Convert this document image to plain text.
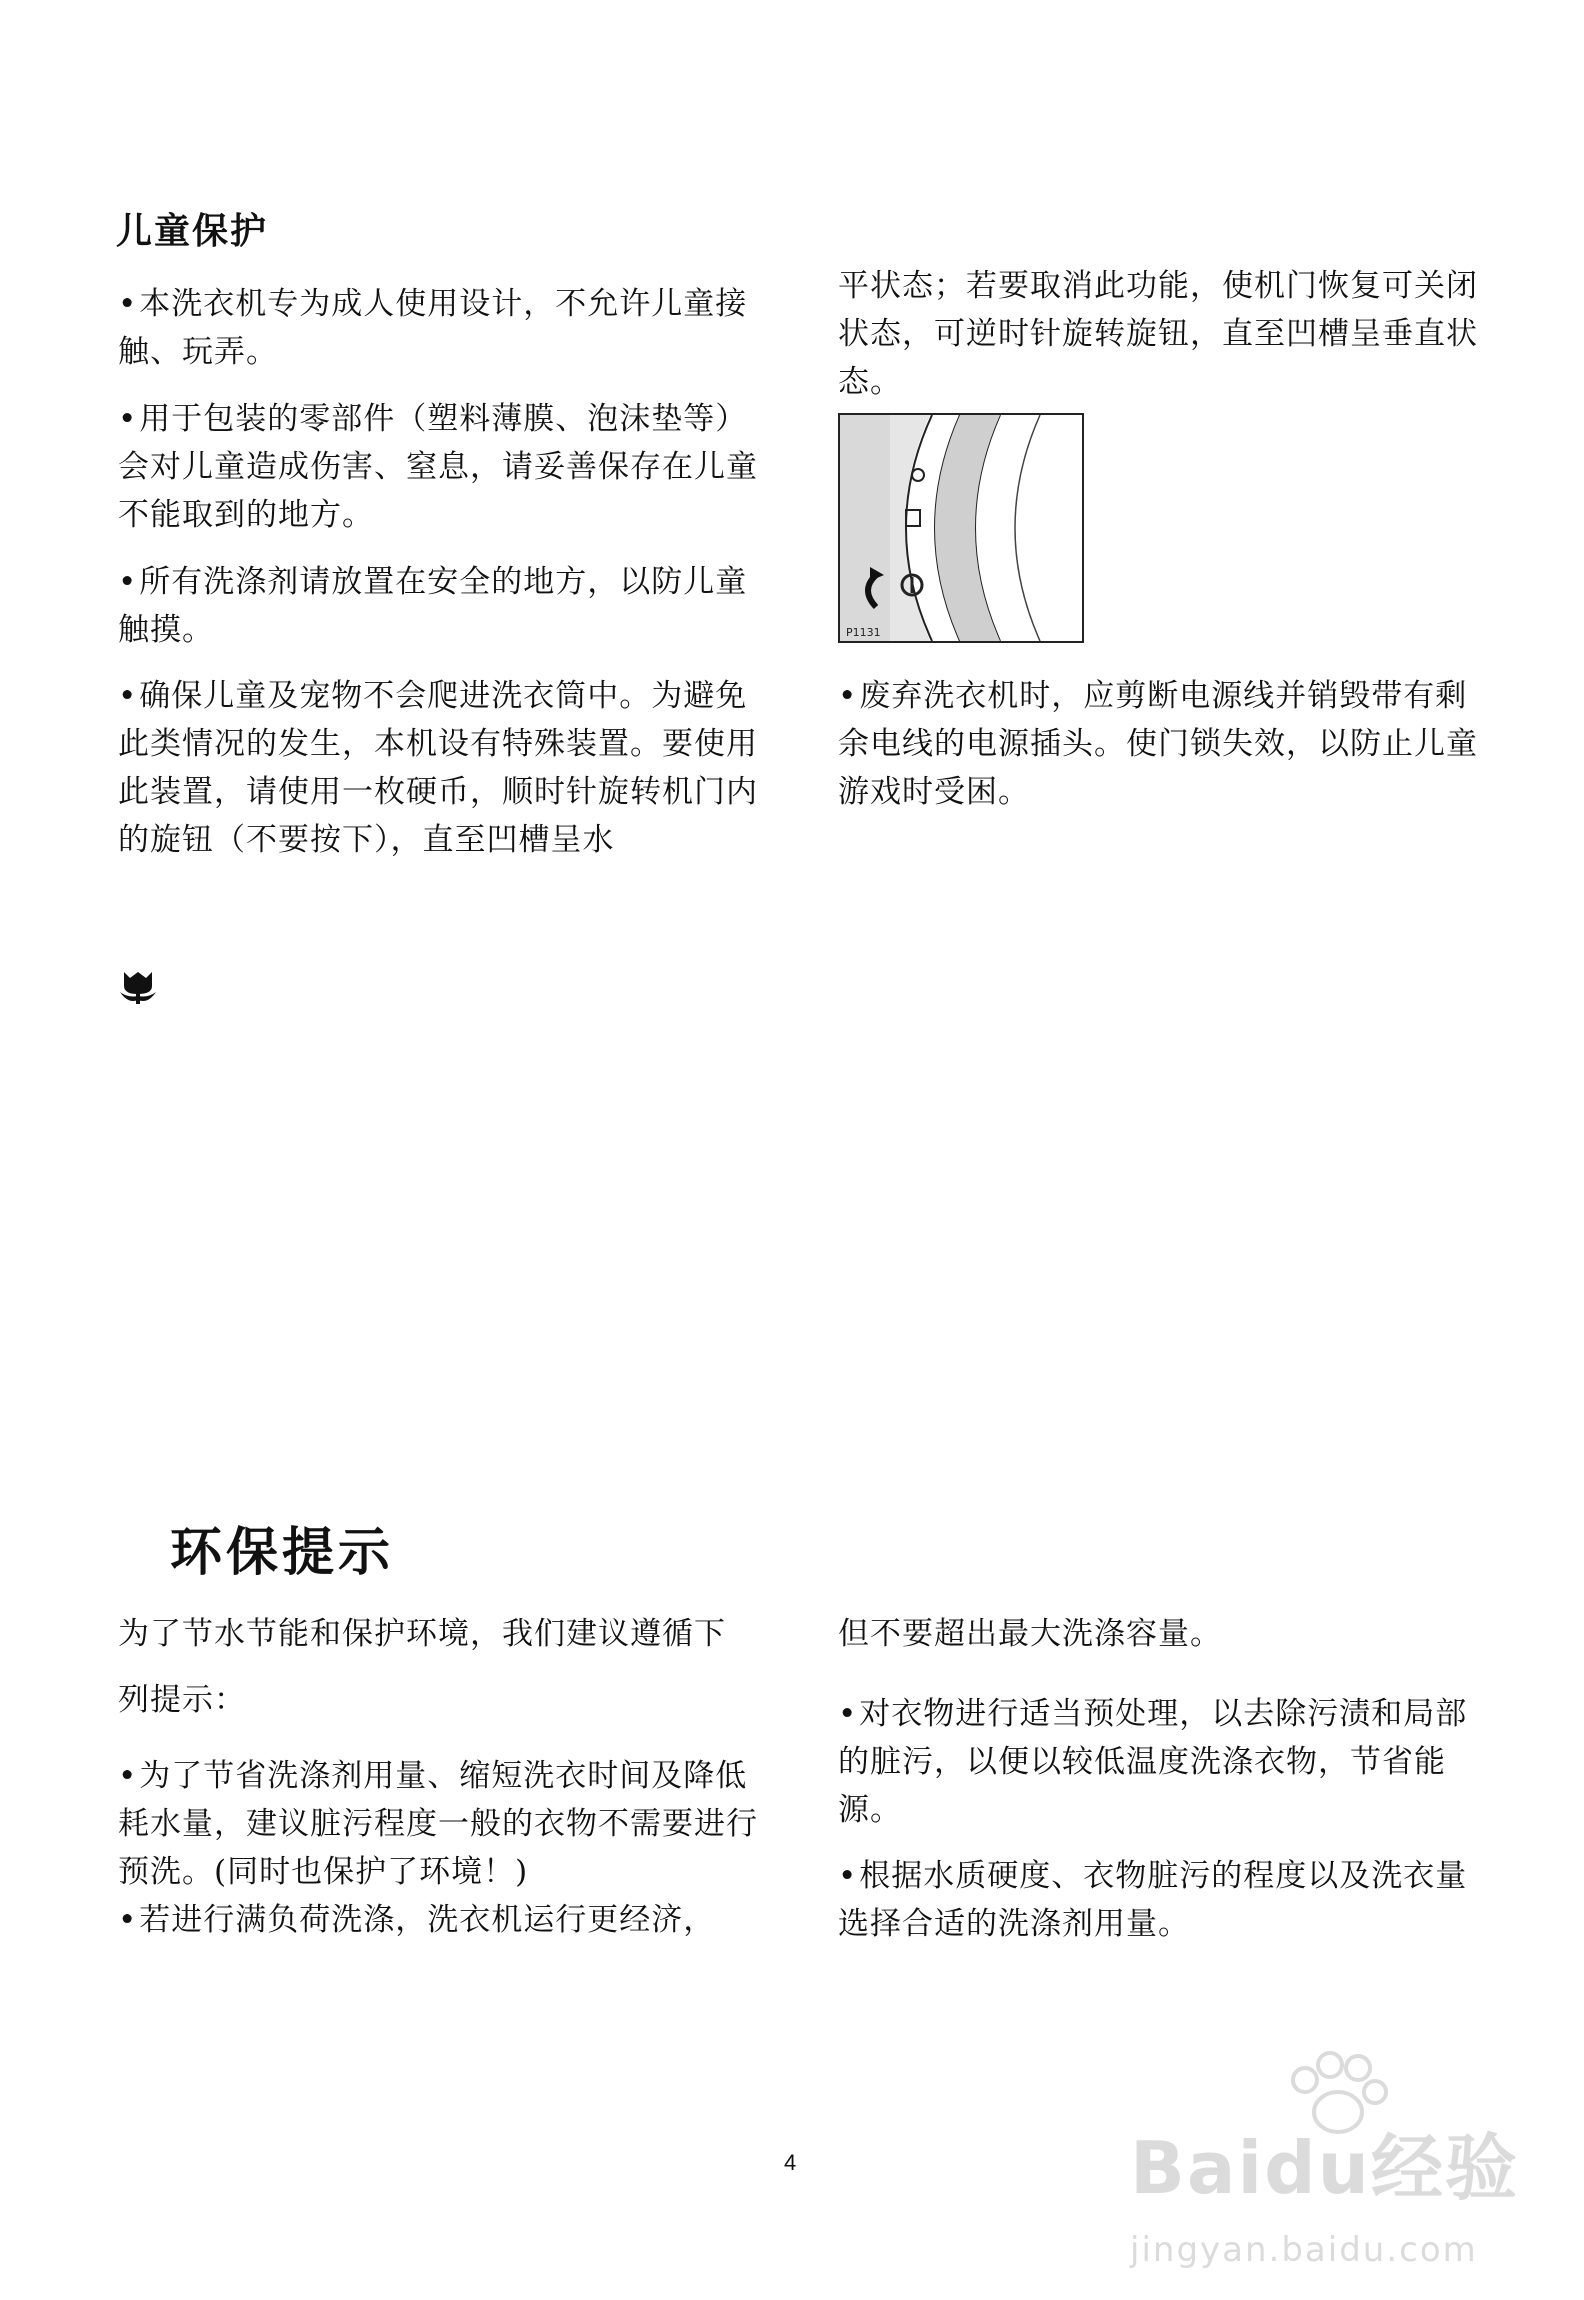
儿童保护

•本洗衣机专为成人使用设计，不允许儿童接触、玩弄。

•用于包装的零部件（塑料薄膜、泡沫垫等）会对儿童造成伤害、窒息，请妥善保存在儿童不能取到的地方。

•所有洗涤剂请放置在安全的地方，以防儿童触摸。

•确保儿童及宠物不会爬进洗衣筒中。为避免此类情况的发生，本机设有特殊装置。要使用此装置，请使用一枚硬币，顺时针旋转机门内的旋钮（不要按下），直至凹槽呈水

平状态；若要取消此功能，使机门恢复可关闭状态，可逆时针旋转旋钮，直至凹槽呈垂直状态。

P1131

•废弃洗衣机时，应剪断电源线并销毁带有剩余电线的电源插头。使门锁失效，以防止儿童游戏时受困。

环保提示

为了节水节能和保护环境，我们建议遵循下

列提示：

•为了节省洗涤剂用量、缩短洗衣时间及降低耗水量，建议脏污程度一般的衣物不需要进行预洗。(同时也保护了环境！)

•若进行满负荷洗涤，洗衣机运行更经济，

但不要超出最大洗涤容量。

•对衣物进行适当预处理，以去除污渍和局部的脏污，以便以较低温度洗涤衣物，节省能源。

•根据水质硬度、衣物脏污的程度以及洗衣量选择合适的洗涤剂用量。

4	Baidu经验
jingyan.baidu.com
